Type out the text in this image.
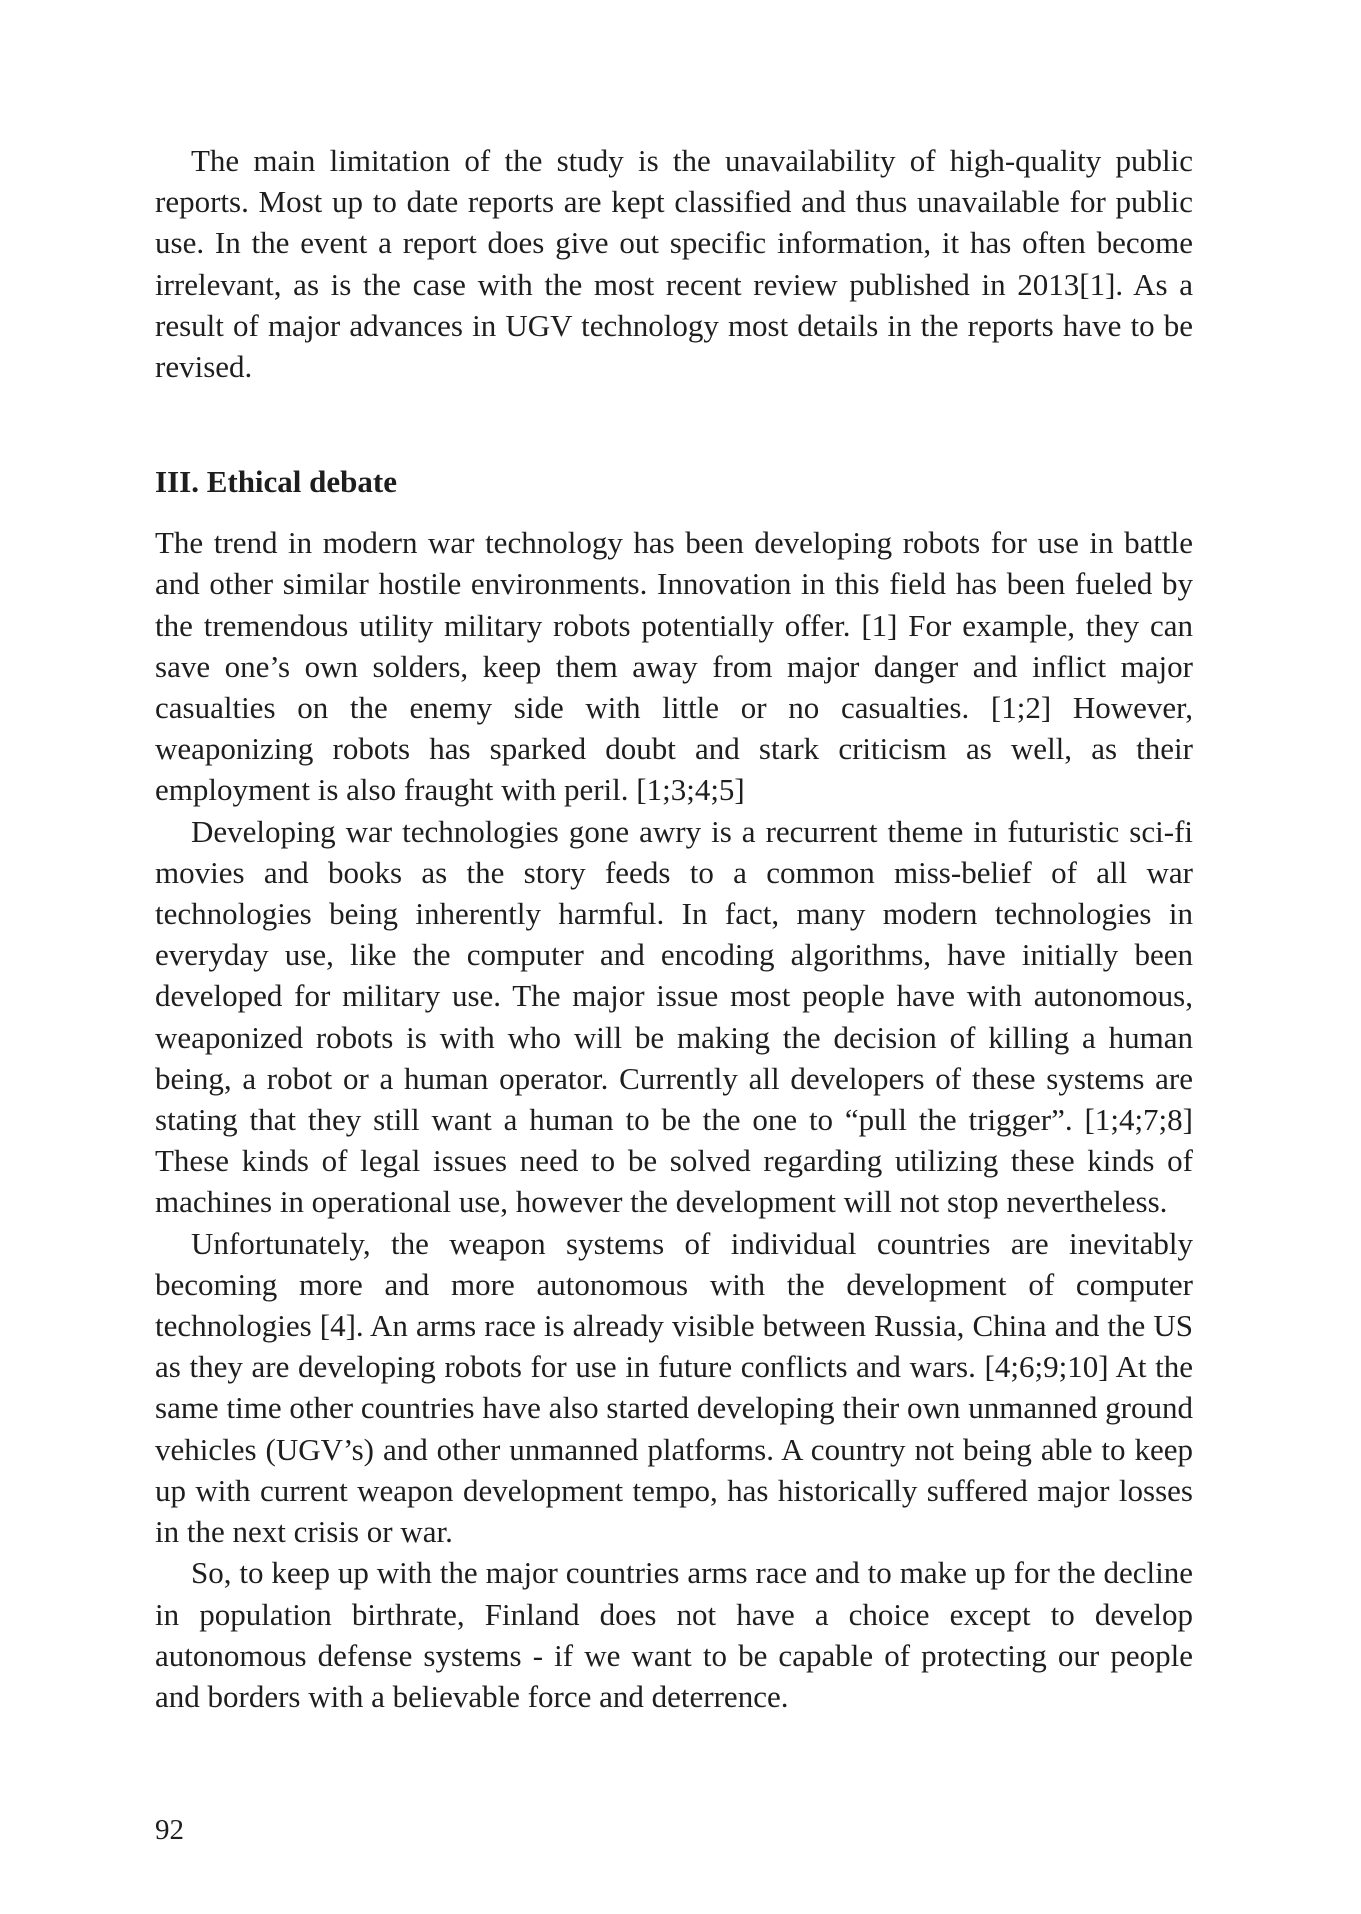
The main limitation of the study is the unavailability of high-quality public reports. Most up to date reports are kept classified and thus unavailable for public use. In the event a report does give out specific information, it has often become irrelevant, as is the case with the most recent review published in 2013[1]. As a result of major advances in UGV technology most details in the reports have to be revised.

III. Ethical debate

The trend in modern war technology has been developing robots for use in battle and other similar hostile environments. Innovation in this field has been fueled by the tremendous utility military robots potentially offer. [1] For example, they can save one’s own solders, keep them away from major danger and inflict major casualties on the enemy side with little or no casualties. [1;2] However, weaponizing robots has sparked doubt and stark criticism as well, as their employment is also fraught with peril. [1;3;4;5]

Developing war technologies gone awry is a recurrent theme in futuristic sci-fi movies and books as the story feeds to a common miss-belief of all war technologies being inherently harmful. In fact, many modern technologies in everyday use, like the computer and encoding algorithms, have initially been developed for military use. The major issue most people have with autonomous, weaponized robots is with who will be making the decision of killing a human being, a robot or a human operator. Currently all developers of these systems are stating that they still want a human to be the one to “pull the trigger”. [1;4;7;8] These kinds of legal issues need to be solved regarding utilizing these kinds of machines in operational use, however the development will not stop nevertheless.

Unfortunately, the weapon systems of individual countries are inevitably becoming more and more autonomous with the development of computer technologies [4]. An arms race is already visible between Russia, China and the US as they are developing robots for use in future conflicts and wars. [4;6;9;10] At the same time other countries have also started developing their own unmanned ground vehicles (UGV’s) and other unmanned platforms. A country not being able to keep up with current weapon development tempo, has historically suffered major losses in the next crisis or war.

So, to keep up with the major countries arms race and to make up for the decline in population birthrate, Finland does not have a choice except to develop autonomous defense systems - if we want to be capable of protecting our people and borders with a believable force and deterrence.

92
